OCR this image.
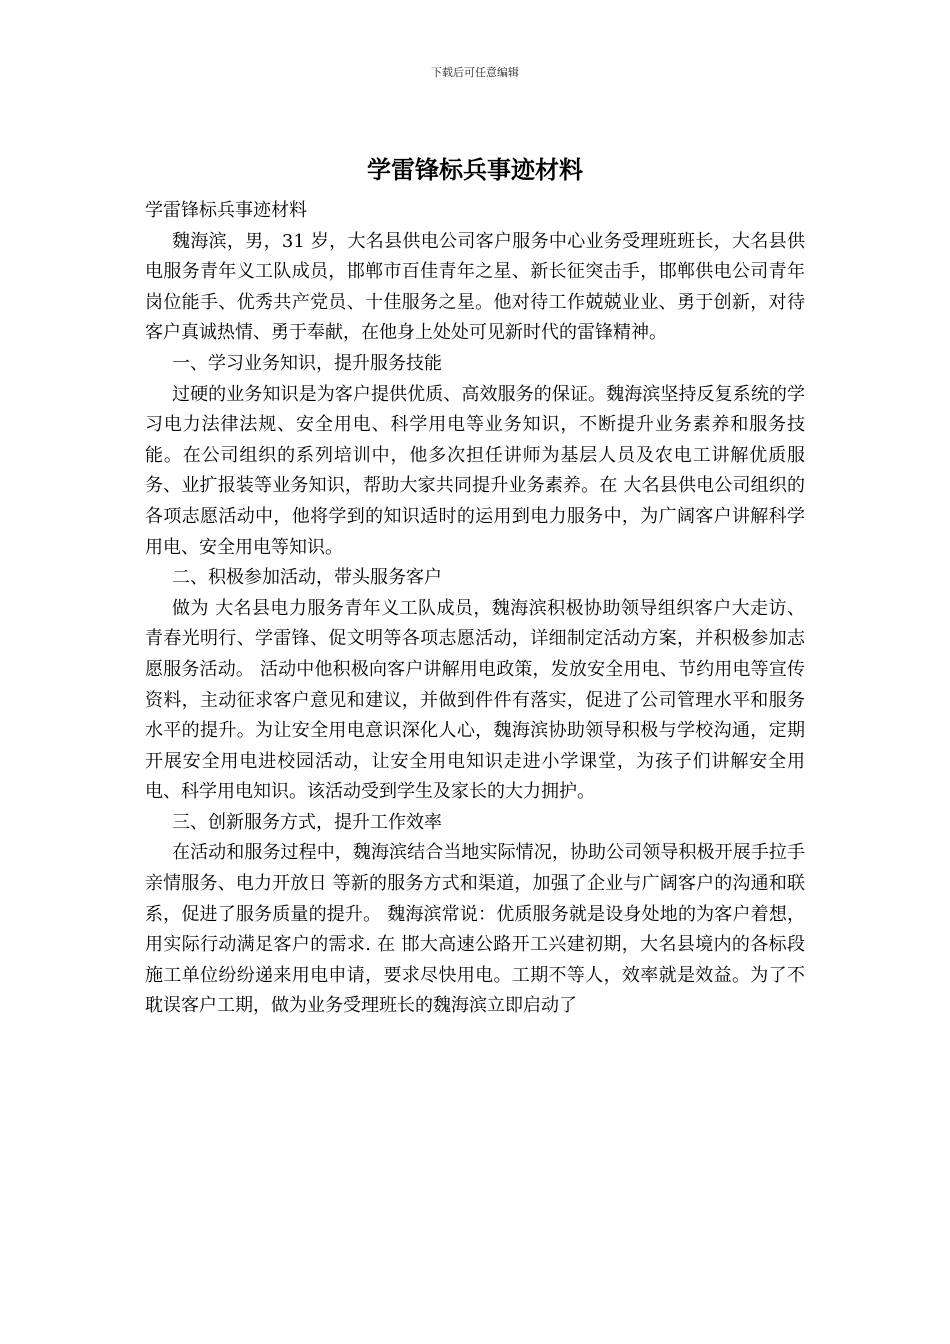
下载后可任意编辑
学雷锋标兵事迹材料

学雷锋标兵事迹材料

魏海滨，男，31 岁，大名县供电公司客户服务中心业务受理班班长，大名县供电服务青年义工队成员，邯郸市百佳青年之星、新长征突击手，邯郸供电公司青年岗位能手、优秀共产党员、十佳服务之星。他对待工作兢兢业业、勇于创新，对待客户真诚热情、勇于奉献，在他身上处处可见新时代的雷锋精神。

一、学习业务知识，提升服务技能

过硬的业务知识是为客户提供优质、高效服务的保证。魏海滨坚持反复系统的学习电力法律法规、安全用电、科学用电等业务知识，不断提升业务素养和服务技能。在公司组织的系列培训中，他多次担任讲师为基层人员及农电工讲解优质服务、业扩报装等业务知识，帮助大家共同提升业务素养。在 大名县供电公司组织的 各项志愿活动中，他将学到的知识适时的运用到电力服务中，为广阔客户讲解科学用电、安全用电等知识。

二、积极参加活动，带头服务客户

做为 大名县电力服务青年义工队成员，魏海滨积极协助领导组织客户大走访、青春光明行、学雷锋、促文明等各项志愿活动，详细制定活动方案，并积极参加志愿服务活动。 活动中他积极向客户讲解用电政策，发放安全用电、节约用电等宣传资料，主动征求客户意见和建议，并做到件件有落实，促进了公司管理水平和服务水平的提升。为让安全用电意识深化人心，魏海滨协助领导积极与学校沟通，定期开展安全用电进校园活动，让安全用电知识走进小学课堂，为孩子们讲解安全用电、科学用电知识。该活动受到学生及家长的大力拥护。

三、创新服务方式，提升工作效率

在活动和服务过程中，魏海滨结合当地实际情况，协助公司领导积极开展手拉手亲情服务、电力开放日 等新的服务方式和渠道，加强了企业与广阔客户的沟通和联系，促进了服务质量的提升。 魏海滨常说：优质服务就是设身处地的为客户着想，用实际行动满足客户的需求. 在 邯大高速公路开工兴建初期，大名县境内的各标段施工单位纷纷递来用电申请，要求尽快用电。工期不等人，效率就是效益。为了不耽误客户工期，做为业务受理班长的魏海滨立即启动了
